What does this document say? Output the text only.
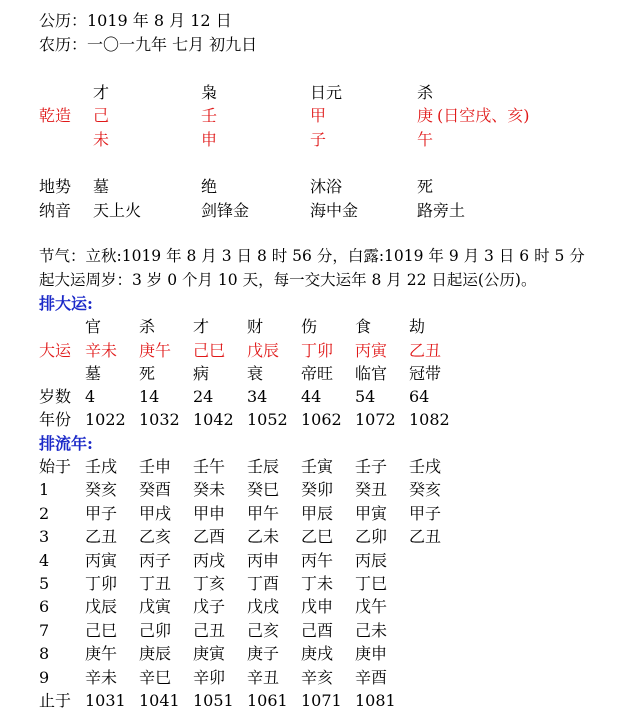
公历：1019 年 8 月 12 日
农历：一〇一九年 七月 初九日
才	枭	日元	杀
乾造 己	壬	甲	庚 (日空戌、亥)
未	申	子	午
地势 墓	绝	沐浴	死
纳音 天上火	剑锋金	海中金	路旁土
节气：立秋:1019 年 8 月 3 日 8 时 56 分，白露:1019 年 9 月 3 日 6 时 5 分
起大运周岁：3 岁 0 个月 10 天，每一交大运年 8 月 22 日起运(公历)。
排大运:
官 杀 才 财 伤 食 劫
大运 辛未 庚午 己巳 戊辰 丁卯 丙寅 乙丑
墓 死 病 衰 帝旺 临官 冠带
岁数 4	14 24 34 44 54 64
年份 1022 1032 1042 1052 1062 1072 1082
排流年:
始于 壬戌 壬申 壬午 壬辰 壬寅 壬子 壬戌
1 癸亥 癸酉 癸未 癸巳 癸卯 癸丑 癸亥
2 甲子 甲戌 甲申 甲午 甲辰 甲寅 甲子
3 乙丑 乙亥 乙酉 乙未 乙巳 乙卯 乙丑
4 丙寅 丙子 丙戌 丙申 丙午 丙辰
5 丁卯 丁丑 丁亥 丁酉 丁未 丁巳
6 戊辰 戊寅 戊子 戊戌 戊申 戊午
7 己巳 己卯 己丑 己亥 己酉 己未
8 庚午 庚辰 庚寅 庚子 庚戌 庚申
9 辛未 辛巳 辛卯 辛丑 辛亥 辛酉
止于 1031 1041 1051 1061 1071 1081
